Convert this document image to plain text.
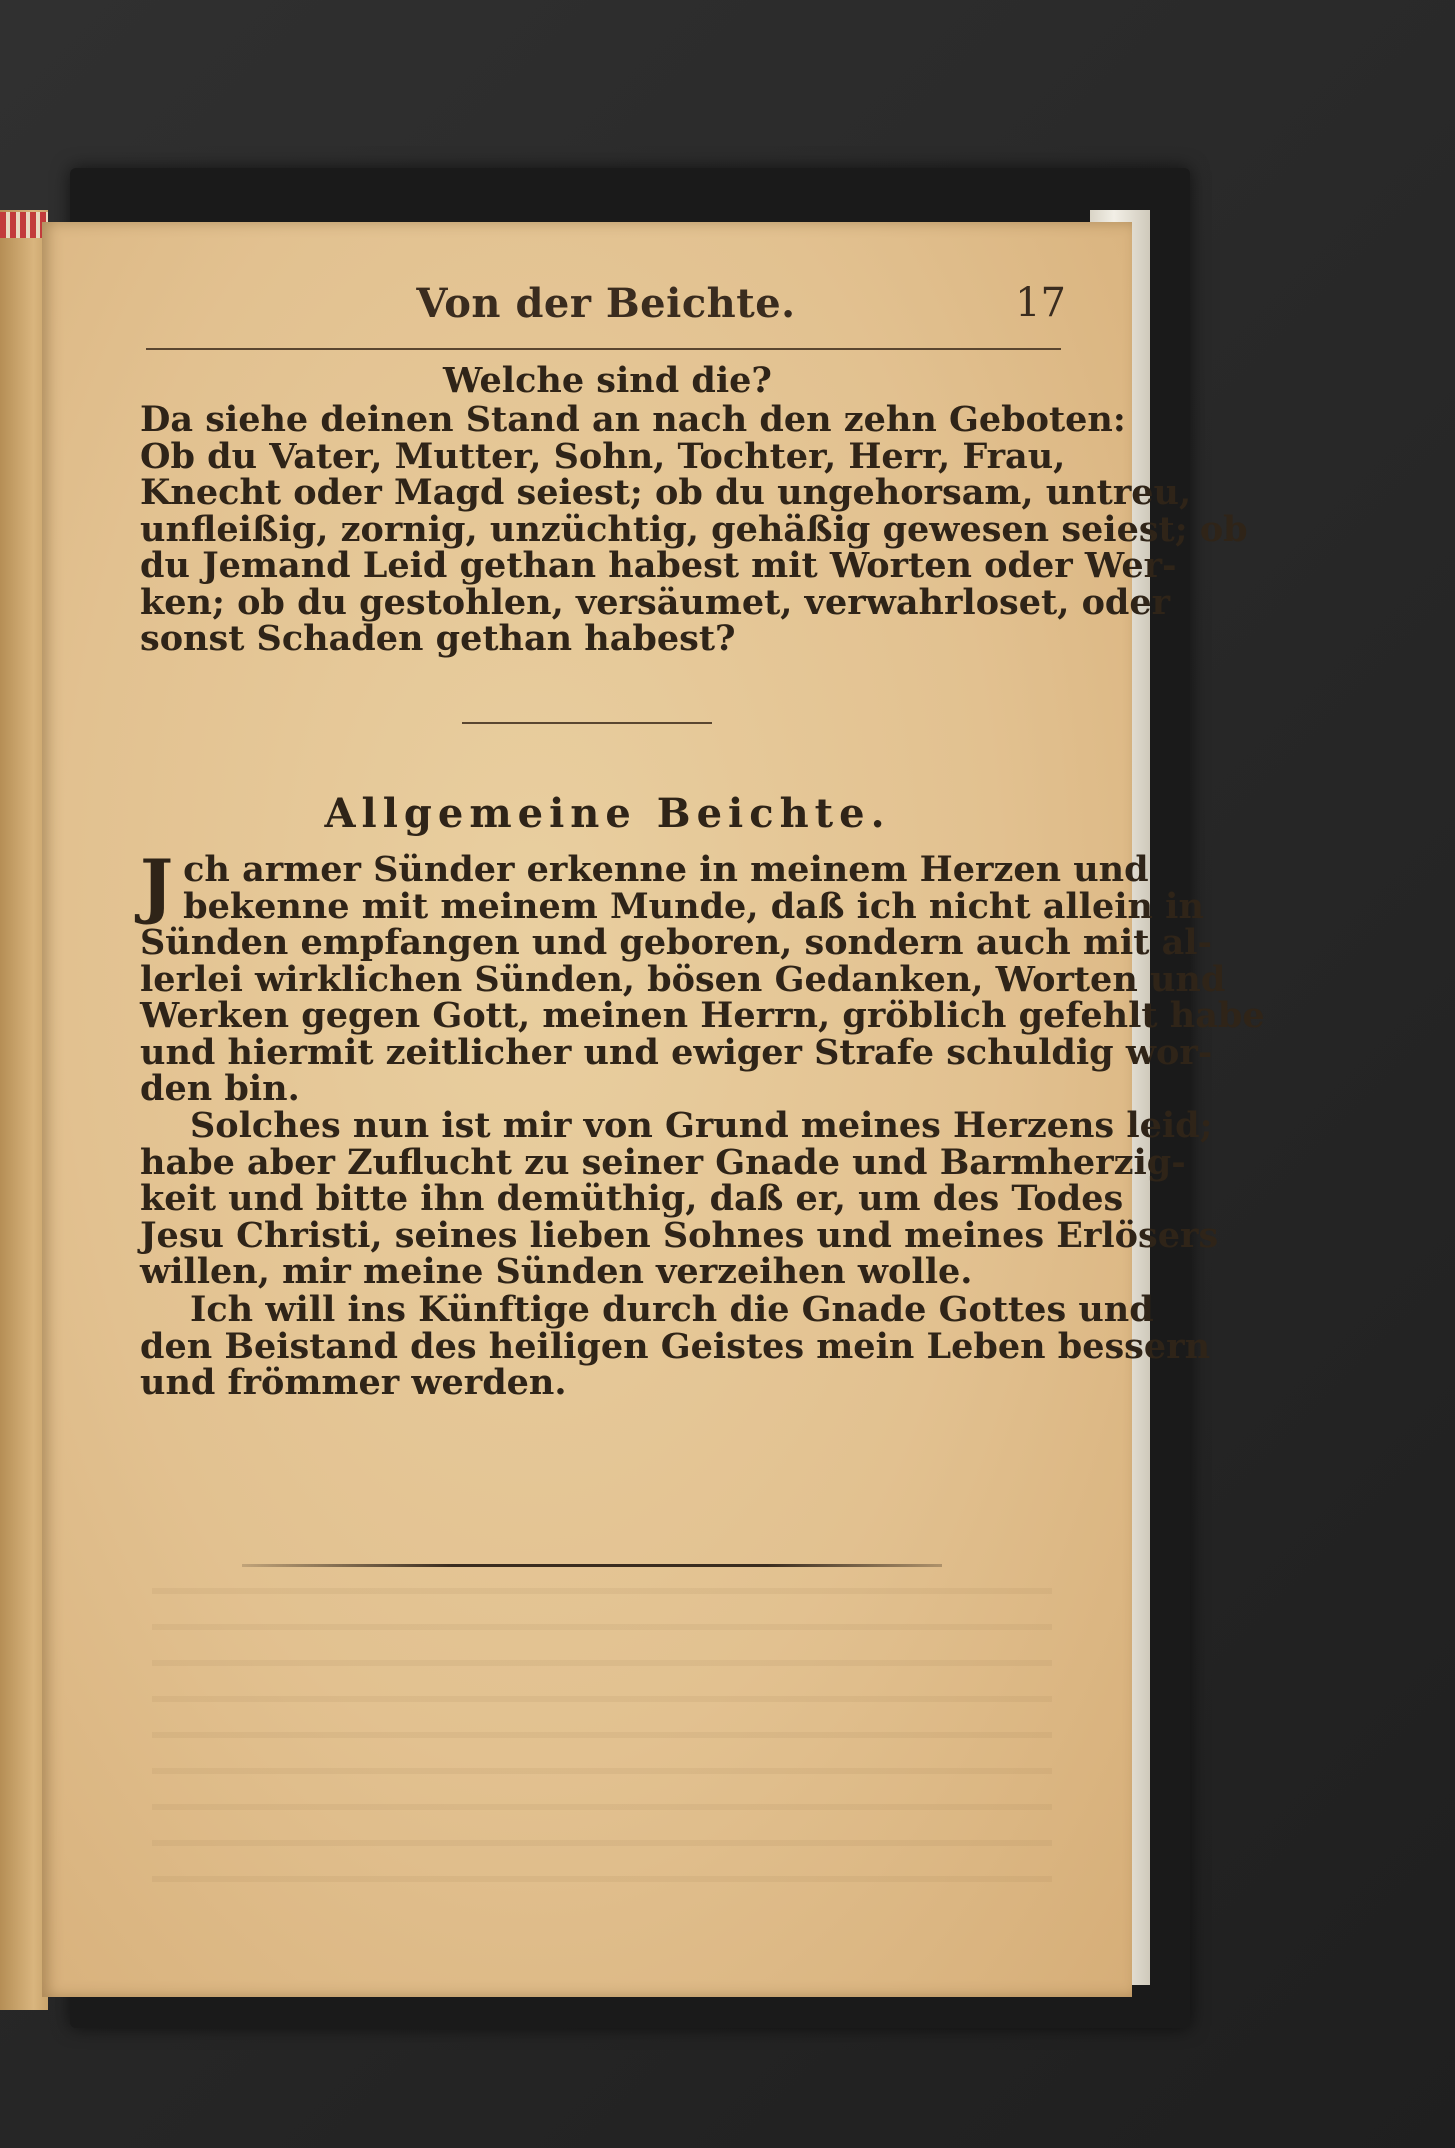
Von der Beichte.	17
Welche sind die?
Da siehe deinen Stand an nach den zehn Geboten:
Ob du Vater, Mutter, Sohn, Tochter, Herr, Frau,
Knecht oder Magd seiest; ob du ungehorsam, untreu,
unfleißig, zornig, unzüchtig, gehäßig gewesen seiest; ob
du Jemand Leid gethan habest mit Worten oder Wer-
ken; ob du gestohlen, versäumet, verwahrloset, oder
sonst Schaden gethan habest?
Allgemeine Beichte.
J ch armer Sünder erkenne in meinem Herzen und
bekenne mit meinem Munde, daß ich nicht allein in
Sünden empfangen und geboren, sondern auch mit al-
lerlei wirklichen Sünden, bösen Gedanken, Worten und
Werken gegen Gott, meinen Herrn, gröblich gefehlt habe
und hiermit zeitlicher und ewiger Strafe schuldig wor-
den bin.
Solches nun ist mir von Grund meines Herzens leid;
habe aber Zuflucht zu seiner Gnade und Barmherzig-
keit und bitte ihn demüthig, daß er, um des Todes
Jesu Christi, seines lieben Sohnes und meines Erlösers
willen, mir meine Sünden verzeihen wolle.
Ich will ins Künftige durch die Gnade Gottes und
den Beistand des heiligen Geistes mein Leben bessern
und frömmer werden.
